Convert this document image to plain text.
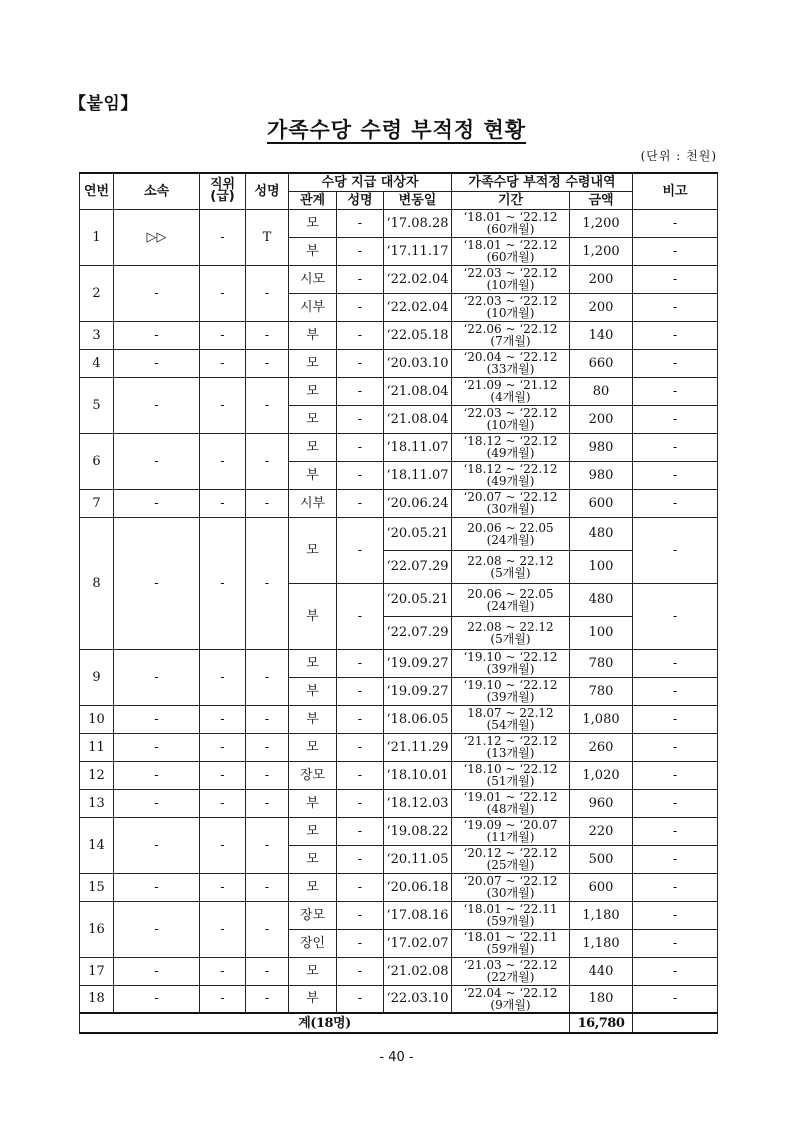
【붙임】
가족수당 수령 부적정 현황
(단위 : 천원)
연번	소속	직위
(급)	성명	수당 지급 대상자			가족수당 부적정 수령내역		비고
				관계	성명	변동일	기간	금액	
1	▷▷	-	T	모	-	‘17.08.28	‘18.01 ~ ‘22.12
(60개월)	1,200	-
				부	-	‘17.11.17	‘18.01 ~ ‘22.12
(60개월)	1,200	-
2	-	-	-	시모	-	‘22.02.04	‘22.03 ~ ‘22.12
(10개월)	200	-
				시부	-	‘22.02.04	‘22.03 ~ ‘22.12
(10개월)	200	-
3	-	-	-	부	-	‘22.05.18	‘22.06 ~ ‘22.12
(7개월)	140	-
4	-	-	-	모	-	‘20.03.10	‘20.04 ~ ‘22.12
(33개월)	660	-
5	-	-	-	모	-	‘21.08.04	‘21.09 ~ ‘21.12
(4개월)	80	-
				모	-	‘21.08.04	‘22.03 ~ ‘22.12
(10개월)	200	-
6	-	-	-	모	-	‘18.11.07	‘18.12 ~ ‘22.12
(49개월)	980	-
				부	-	‘18.11.07	‘18.12 ~ ‘22.12
(49개월)	980	-
7	-	-	-	시부	-	‘20.06.24	‘20.07 ~ ‘22.12
(30개월)	600	-
8	-	-	-	모	-	‘20.05.21	20.06 ~ 22.05
(24개월)	480	-
						‘22.07.29	22.08 ~ 22.12
(5개월)	100	
				부	-	‘20.05.21	20.06 ~ 22.05
(24개월)	480	-
						‘22.07.29	22.08 ~ 22.12
(5개월)	100	
9	-	-	-	모	-	‘19.09.27	‘19.10 ~ ‘22.12
(39개월)	780	-
				부	-	‘19.09.27	‘19.10 ~ ‘22.12
(39개월)	780	-
10	-	-	-	부	-	‘18.06.05	18.07 ~ 22.12
(54개월)	1,080	-
11	-	-	-	모	-	‘21.11.29	‘21.12 ~ ‘22.12
(13개월)	260	-
12	-	-	-	장모	-	‘18.10.01	‘18.10 ~ ‘22.12
(51개월)	1,020	-
13	-	-	-	부	-	‘18.12.03	‘19.01 ~ ‘22.12
(48개월)	960	-
14	-	-	-	모	-	‘19.08.22	‘19.09 ~ ‘20.07
(11개월)	220	-
				모	-	‘20.11.05	‘20.12 ~ ‘22.12
(25개월)	500	-
15	-	-	-	모	-	‘20.06.18	‘20.07 ~ ‘22.12
(30개월)	600	-
16	-	-	-	장모	-	‘17.08.16	‘18.01 ~ ‘22.11
(59개월)	1,180	-
				장인	-	‘17.02.07	‘18.01 ~ ‘22.11
(59개월)	1,180	-
17	-	-	-	모	-	‘21.02.08	‘21.03 ~ ‘22.12
(22개월)	440	-
18	-	-	-	부	-	‘22.03.10	‘22.04 ~ ‘22.12
(9개월)	180	-
계(18명)								16,780	
- 40 -
